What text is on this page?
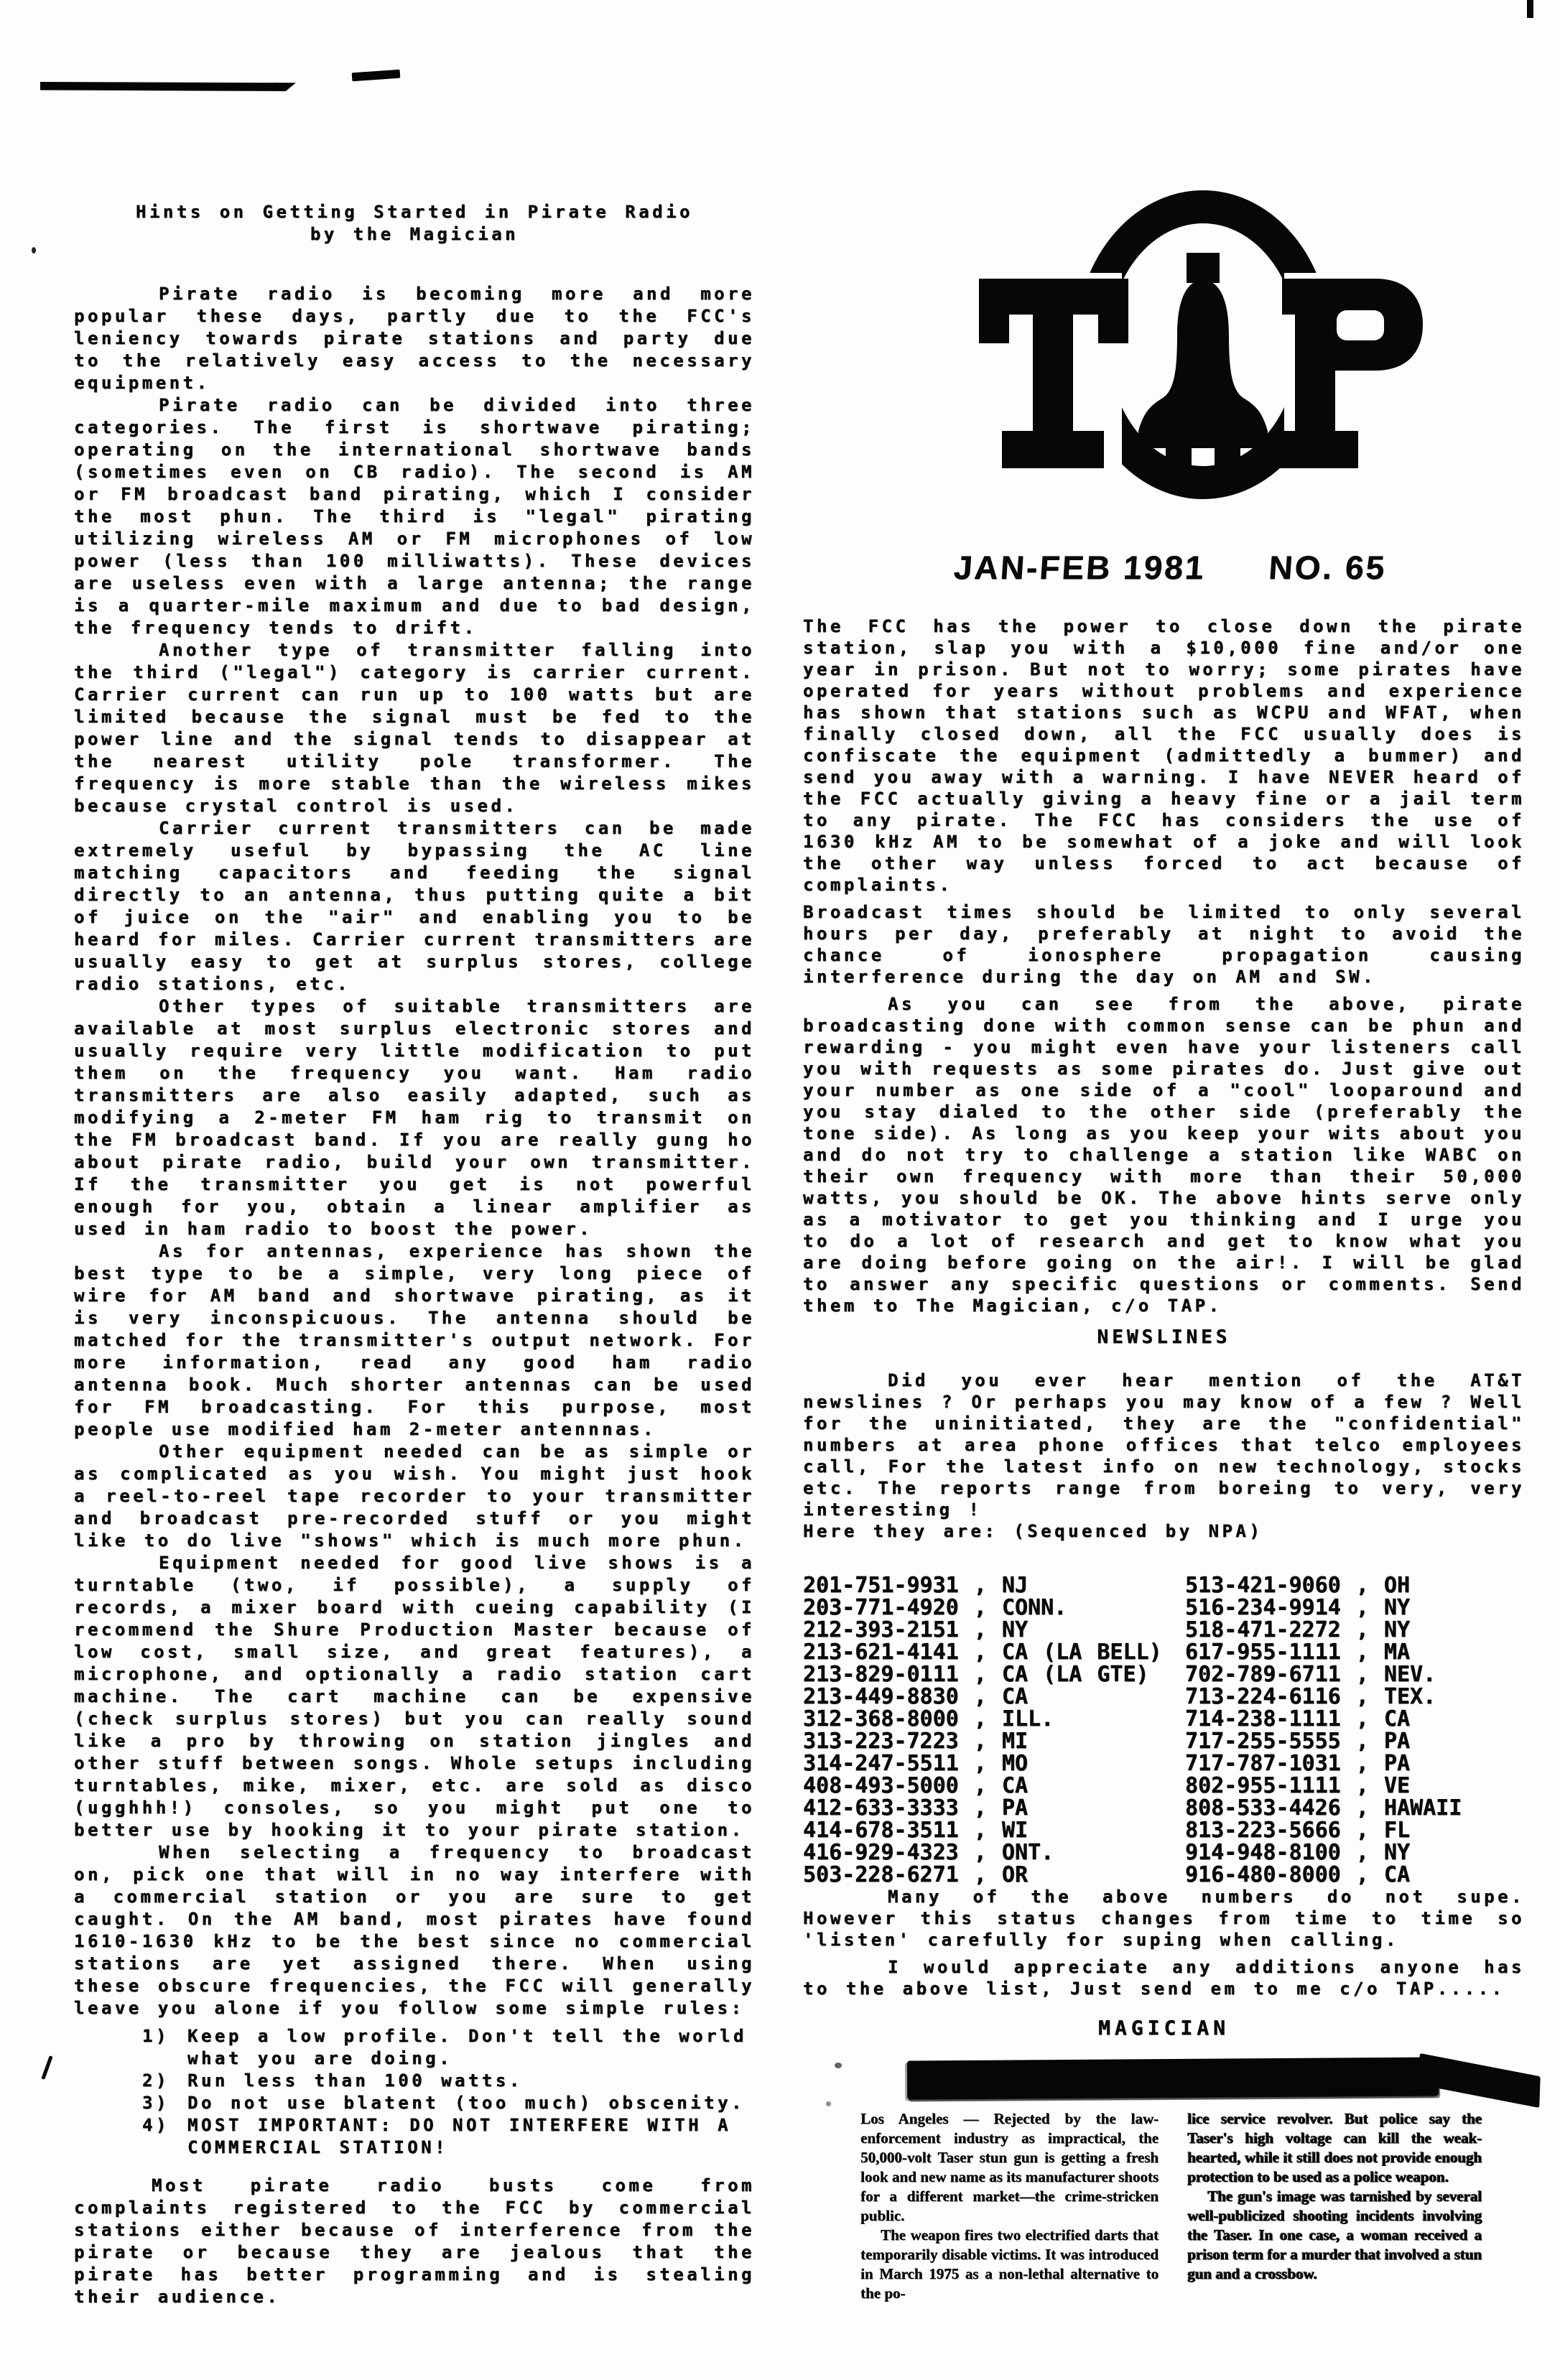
Hints on Getting Started in Pirate Radio
by the Magician

Pirate radio is becoming more and more popular these days, partly due to the FCC's leniency towards pirate stations and party due to the relatively easy access to the necessary equipment.

Pirate radio can be divided into three categories. The first is shortwave pirating; operating on the international shortwave bands (sometimes even on CB radio). The second is AM or FM broadcast band pirating, which I consider the most phun. The third is "legal" pirating utilizing wireless AM or FM microphones of low power (less than 100 milliwatts). These devices are useless even with a large antenna; the range is a quarter-mile maximum and due to bad design, the frequency tends to drift.

Another type of transmitter falling into the third ("legal") category is carrier current. Carrier current can run up to 100 watts but are limited because the signal must be fed to the power line and the signal tends to disappear at the nearest utility pole transformer. The frequency is more stable than the wireless mikes because crystal control is used.

Carrier current transmitters can be made extremely useful by bypassing the AC line matching capacitors and feeding the signal directly to an antenna, thus putting quite a bit of juice on the "air" and enabling you to be heard for miles. Carrier current transmitters are usually easy to get at surplus stores, college radio stations, etc.

Other types of suitable transmitters are available at most surplus electronic stores and usually require very little modification to put them on the frequency you want. Ham radio transmitters are also easily adapted, such as modifying a 2-meter FM ham rig to transmit on the FM broadcast band. If you are really gung ho about pirate radio, build your own transmitter. If the transmitter you get is not powerful enough for you, obtain a linear amplifier as used in ham radio to boost the power.

As for antennas, experience has shown the best type to be a simple, very long piece of wire for AM band and shortwave pirating, as it is very inconspicuous. The antenna should be matched for the transmitter's output network. For more information, read any good ham radio antenna book. Much shorter antennas can be used for FM broadcasting. For this purpose, most people use modified ham 2-meter antennnas.

Other equipment needed can be as simple or as complicated as you wish. You might just hook a reel-to-reel tape recorder to your transmitter and broadcast pre-recorded stuff or you might like to do live "shows" which is much more phun.

Equipment needed for good live shows is a turntable (two, if possible), a supply of records, a mixer board with cueing capability (I recommend the Shure Production Master because of low cost, small size, and great features), a microphone, and optionally a radio station cart machine. The cart machine can be expensive (check surplus stores) but you can really sound like a pro by throwing on station jingles and other stuff between songs. Whole setups including turntables, mike, mixer, etc. are sold as disco (ugghhh!) consoles, so you might put one to better use by hooking it to your pirate station.

When selecting a frequency to broadcast on, pick one that will in no way interfere with a commercial station or you are sure to get caught. On the AM band, most pirates have found 1610-1630 kHz to be the best since no commercial stations are yet assigned there. When using these obscure frequencies, the FCC will generally leave you alone if you follow some simple rules:

1) Keep a low profile. Don't tell the world what you are doing.
2) Run less than 100 watts.
3) Do not use blatent (too much) obscenity.
4) MOST IMPORTANT: DO NOT INTERFERE WITH A COMMERCIAL STATION!

Most pirate radio busts come from complaints registered to the FCC by commercial stations either because of interference from the pirate or because they are jealous that the pirate has better programming and is stealing their audience.

JAN-FEB 1981 NO. 65

The FCC has the power to close down the pirate station, slap you with a $10,000 fine and/or one year in prison. But not to worry; some pirates have operated for years without problems and experience has shown that stations such as WCPU and WFAT, when finally closed down, all the FCC usually does is confiscate the equipment (admittedly a bummer) and send you away with a warning. I have NEVER heard of the FCC actually giving a heavy fine or a jail term to any pirate. The FCC has considers the use of 1630 kHz AM to be somewhat of a joke and will look the other way unless forced to act because of complaints.

Broadcast times should be limited to only several hours per day, preferably at night to avoid the chance of ionosphere propagation causing interference during the day on AM and SW.

As you can see from the above, pirate broadcasting done with common sense can be phun and rewarding - you might even have your listeners call you with requests as some pirates do. Just give out your number as one side of a "cool" looparound and you stay dialed to the other side (preferably the tone side). As long as you keep your wits about you and do not try to challenge a station like WABC on their own frequency with more than their 50,000 watts, you should be OK. The above hints serve only as a motivator to get you thinking and I urge you to do a lot of research and get to know what you are doing before going on the air!. I will be glad to answer any specific questions or comments. Send them to The Magician, c/o TAP.

NEWSLINES

Did you ever hear mention of the AT&T newslines ? Or perhaps you may know of a few ? Well for the uninitiated, they are the "confidential" numbers at area phone offices that telco employees call, For the latest info on new technology, stocks etc. The reports range from boreing to very, very interesting !

Here they are: (Sequenced by NPA)

201-751-9931 , NJ
203-771-4920 , CONN.
212-393-2151 , NY
213-621-4141 , CA (LA BELL)
213-829-0111 , CA (LA GTE)
213-449-8830 , CA
312-368-8000 , ILL.
313-223-7223 , MI
314-247-5511 , MO
408-493-5000 , CA
412-633-3333 , PA
414-678-3511 , WI
416-929-4323 , ONT.
503-228-6271 , OR
513-421-9060 , OH
516-234-9914 , NY
518-471-2272 , NY
617-955-1111 , MA
702-789-6711 , NEV.
713-224-6116 , TEX.
714-238-1111 , CA
717-255-5555 , PA
717-787-1031 , PA
802-955-1111 , VE
808-533-4426 , HAWAII
813-223-5666 , FL
914-948-8100 , NY
916-480-8000 , CA

Many of the above numbers do not supe. However this status changes from time to time so 'listen' carefully for suping when calling.

I would appreciate any additions anyone has to the above list, Just send em to me c/o TAP.....

MAGICIAN

Los Angeles — Rejected by the law-enforcement industry as impractical, the 50,000-volt Taser stun gun is getting a fresh look and new name as its manufacturer shoots for a different market—the crime-stricken public.

The weapon fires two electrified darts that temporarily disable victims. It was introduced in March 1975 as a non-lethal alternative to the po-

lice service revolver. But police say the Taser's high voltage can kill the weak-hearted, while it still does not provide enough protection to be used as a police weapon.

The gun's image was tarnished by several well-publicized shooting incidents involving the Taser. In one case, a woman received a prison term for a murder that involved a stun gun and a crossbow.
